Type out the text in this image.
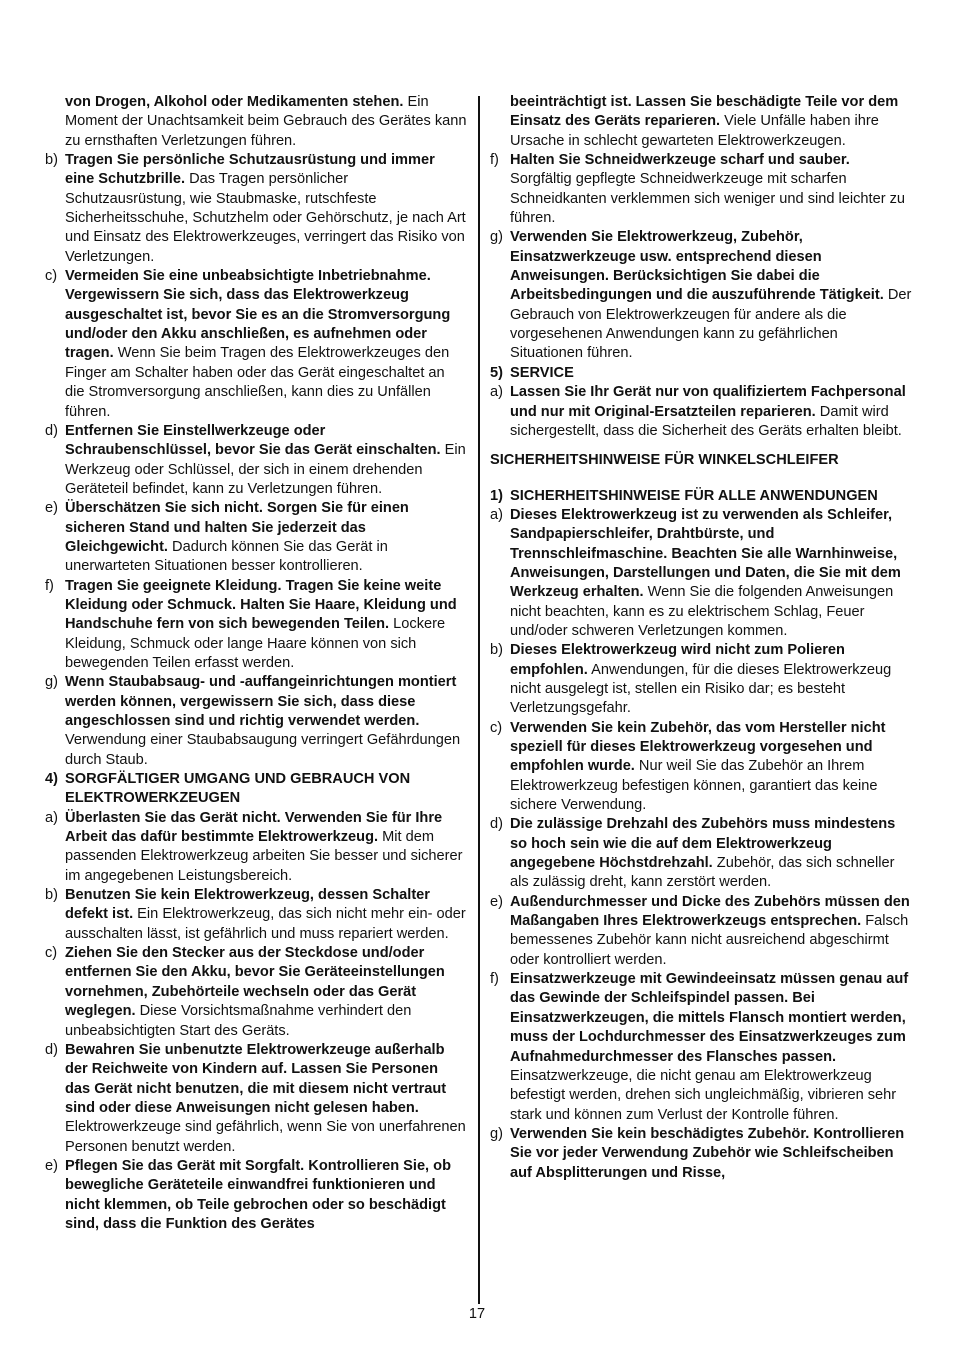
von Drogen, Alkohol oder Medikamenten stehen. Ein Moment der Unachtsamkeit beim Gebrauch des Gerätes kann zu ernsthaften Verletzungen führen.

b) Tragen Sie persönliche Schutzausrüstung und immer eine Schutzbrille. Das Tragen persönlicher Schutzausrüstung, wie Staubmaske, rutschfeste Sicherheitsschuhe, Schutzhelm oder Gehörschutz, je nach Art und Einsatz des Elektrowerkzeuges, verringert das Risiko von Verletzungen.

c) Vermeiden Sie eine unbeabsichtigte Inbetriebnahme. Vergewissern Sie sich, dass das Elektrowerkzeug ausgeschaltet ist, bevor Sie es an die Stromversorgung und/oder den Akku anschließen, es aufnehmen oder tragen. Wenn Sie beim Tragen des Elektrowerkzeuges den Finger am Schalter haben oder das Gerät eingeschaltet an die Stromversorgung anschließen, kann dies zu Unfällen führen.

d) Entfernen Sie Einstellwerkzeuge oder Schraubenschlüssel, bevor Sie das Gerät einschalten. Ein Werkzeug oder Schlüssel, der sich in einem drehenden Geräteteil befindet, kann zu Verletzungen führen.

e) Überschätzen Sie sich nicht. Sorgen Sie für einen sicheren Stand und halten Sie jederzeit das Gleichgewicht. Dadurch können Sie das Gerät in unerwarteten Situationen besser kontrollieren.

f) Tragen Sie geeignete Kleidung. Tragen Sie keine weite Kleidung oder Schmuck. Halten Sie Haare, Kleidung und Handschuhe fern von sich bewegenden Teilen. Lockere Kleidung, Schmuck oder lange Haare können von sich bewegenden Teilen erfasst werden.

g) Wenn Staubabsaug- und -auffangeinrichtungen montiert werden können, vergewissern Sie sich, dass diese angeschlossen sind und richtig verwendet werden. Verwendung einer Staubabsaugung verringert Gefährdungen durch Staub.

4) SORGFÄLTIGER UMGANG UND GEBRAUCH VON ELEKTROWERKZEUGEN

a) Überlasten Sie das Gerät nicht. Verwenden Sie für Ihre Arbeit das dafür bestimmte Elektrowerkzeug. Mit dem passenden Elektrowerkzeug arbeiten Sie besser und sicherer im angegebenen Leistungsbereich.

b) Benutzen Sie kein Elektrowerkzeug, dessen Schalter defekt ist. Ein Elektrowerkzeug, das sich nicht mehr ein- oder ausschalten lässt, ist gefährlich und muss repariert werden.

c) Ziehen Sie den Stecker aus der Steckdose und/oder entfernen Sie den Akku, bevor Sie Geräteeinstellungen vornehmen, Zubehörteile wechseln oder das Gerät weglegen. Diese Vorsichtsmaßnahme verhindert den unbeabsichtigten Start des Geräts.

d) Bewahren Sie unbenutzte Elektrowerkzeuge außerhalb der Reichweite von Kindern auf. Lassen Sie Personen das Gerät nicht benutzen, die mit diesem nicht vertraut sind oder diese Anweisungen nicht gelesen haben. Elektrowerkzeuge sind gefährlich, wenn Sie von unerfahrenen Personen benutzt werden.

e) Pflegen Sie das Gerät mit Sorgfalt. Kontrollieren Sie, ob bewegliche Geräteteile einwandfrei funktionieren und nicht klemmen, ob Teile gebrochen oder so beschädigt sind, dass die Funktion des Gerätes

beeinträchtigt ist. Lassen Sie beschädigte Teile vor dem Einsatz des Geräts reparieren. Viele Unfälle haben ihre Ursache in schlecht gewarteten Elektrowerkzeugen.

f) Halten Sie Schneidwerkzeuge scharf und sauber. Sorgfältig gepflegte Schneidwerkzeuge mit scharfen Schneidkanten verklemmen sich weniger und sind leichter zu führen.

g) Verwenden Sie Elektrowerkzeug, Zubehör, Einsatzwerkzeuge usw. entsprechend diesen Anweisungen. Berücksichtigen Sie dabei die Arbeitsbedingungen und die auszuführende Tätigkeit. Der Gebrauch von Elektrowerkzeugen für andere als die vorgesehenen Anwendungen kann zu gefährlichen Situationen führen.

5) SERVICE

a) Lassen Sie Ihr Gerät nur von qualifiziertem Fachpersonal und nur mit Original-Ersatzteilen reparieren. Damit wird sichergestellt, dass die Sicherheit des Geräts erhalten bleibt.

SICHERHEITSHINWEISE FÜR WINKELSCHLEIFER

1) SICHERHEITSHINWEISE FÜR ALLE ANWENDUNGEN

a) Dieses Elektrowerkzeug ist zu verwenden als Schleifer, Sandpapierschleifer, Drahtbürste, und Trennschleifmaschine. Beachten Sie alle Warnhinweise, Anweisungen, Darstellungen und Daten, die Sie mit dem Werkzeug erhalten. Wenn Sie die folgenden Anweisungen nicht beachten, kann es zu elektrischem Schlag, Feuer und/oder schweren Verletzungen kommen.

b) Dieses Elektrowerkzeug wird nicht zum Polieren empfohlen. Anwendungen, für die dieses Elektrowerkzeug nicht ausgelegt ist, stellen ein Risiko dar; es besteht Verletzungsgefahr.

c) Verwenden Sie kein Zubehör, das vom Hersteller nicht speziell für dieses Elektrowerkzeug vorgesehen und empfohlen wurde. Nur weil Sie das Zubehör an Ihrem Elektrowerkzeug befestigen können, garantiert das keine sichere Verwendung.

d) Die zulässige Drehzahl des Zubehörs muss mindestens so hoch sein wie die auf dem Elektrowerkzeug angegebene Höchstdrehzahl. Zubehör, das sich schneller als zulässig dreht, kann zerstört werden.

e) Außendurchmesser und Dicke des Zubehörs müssen den Maßangaben Ihres Elektrowerkzeugs entsprechen. Falsch bemessenes Zubehör kann nicht ausreichend abgeschirmt oder kontrolliert werden.

f) Einsatzwerkzeuge mit Gewindeeinsatz müssen genau auf das Gewinde der Schleifspindel passen. Bei Einsatzwerkzeugen, die mittels Flansch montiert werden, muss der Lochdurchmesser des Einsatzwerkzeuges zum Aufnahmedurchmesser des Flansches passen. Einsatzwerkzeuge, die nicht genau am Elektrowerkzeug befestigt werden, drehen sich ungleichmäßig, vibrieren sehr stark und können zum Verlust der Kontrolle führen.

g) Verwenden Sie kein beschädigtes Zubehör. Kontrollieren Sie vor jeder Verwendung Zubehör wie Schleifscheiben auf Absplitterungen und Risse,

17
